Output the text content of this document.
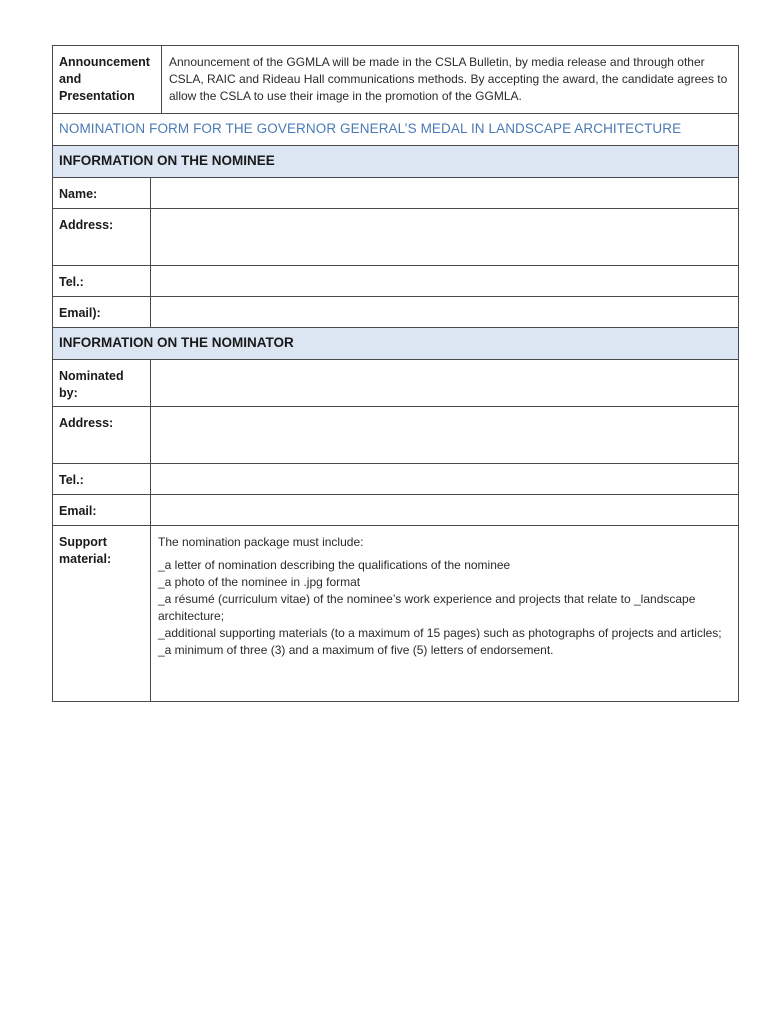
Announcement and Presentation
Announcement of the GGMLA will be made in the CSLA Bulletin, by media release and through other CSLA, RAIC and Rideau Hall communications methods. By accepting the award, the candidate agrees to allow the CSLA to use their image in the promotion of the GGMLA.
NOMINATION FORM FOR THE GOVERNOR GENERAL’S MEDAL IN LANDSCAPE ARCHITECTURE
INFORMATION ON THE NOMINEE
Name:
Address:
Tel.:
Email):
INFORMATION ON THE NOMINATOR
Nominated by:
Address:
Tel.:
Email:
Support material:

The nomination package must include:

_a letter of nomination describing the qualifications of the nominee
_a photo of the nominee in .jpg format
_a résumé (curriculum vitae) of the nominee’s work experience and projects that relate to _landscape architecture;
_additional supporting materials (to a maximum of 15 pages) such as photographs of projects and articles;
_a minimum of three (3) and a maximum of five (5) letters of endorsement.
